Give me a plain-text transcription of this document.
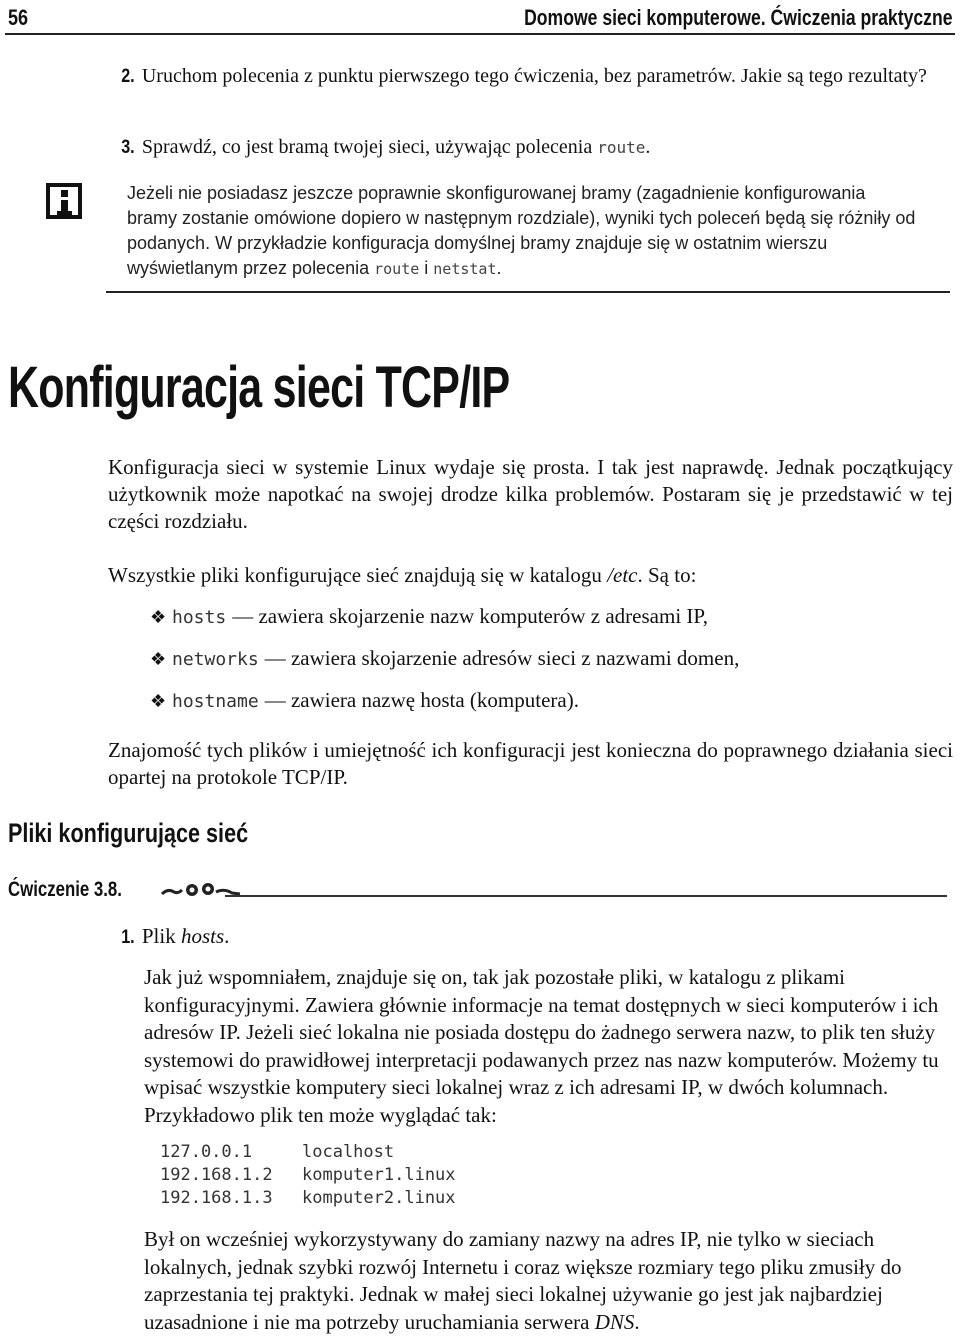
56	Domowe sieci komputerowe. Ćwiczenia praktyczne
2. Uruchom polecenia z punktu pierwszego tego ćwiczenia, bez parametrów. Jakie są tego rezultaty?
3. Sprawdź, co jest bramą twojej sieci, używając polecenia route.
Jeżeli nie posiadasz jeszcze poprawnie skonfigurowanej bramy (zagadnienie konfigurowania bramy zostanie omówione dopiero w następnym rozdziale), wyniki tych poleceń będą się różniły od podanych. W przykładzie konfiguracja domyślnej bramy znajduje się w ostatnim wierszu wyświetlanym przez polecenia route i netstat.
Konfiguracja sieci TCP/IP
Konfiguracja sieci w systemie Linux wydaje się prosta. I tak jest naprawdę. Jednak początkujący użytkownik może napotkać na swojej drodze kilka problemów. Postaram się je przedstawić w tej części rozdziału.
Wszystkie pliki konfigurujące sieć znajdują się w katalogu /etc. Są to:
❖ hosts — zawiera skojarzenie nazw komputerów z adresami IP,
❖ networks — zawiera skojarzenie adresów sieci z nazwami domen,
❖ hostname — zawiera nazwę hosta (komputera).
Znajomość tych plików i umiejętność ich konfiguracji jest konieczna do poprawnego działania sieci opartej na protokole TCP/IP.
Pliki konfigurujące sieć
Ćwiczenie 3.8.
1. Plik hosts.
Jak już wspomniałem, znajduje się on, tak jak pozostałe pliki, w katalogu z plikami konfiguracyjnymi. Zawiera głównie informacje na temat dostępnych w sieci komputerów i ich adresów IP. Jeżeli sieć lokalna nie posiada dostępu do żadnego serwera nazw, to plik ten służy systemowi do prawidłowej interpretacji podawanych przez nas nazw komputerów. Możemy tu wpisać wszystkie komputery sieci lokalnej wraz z ich adresami IP, w dwóch kolumnach. Przykładowo plik ten może wyglądać tak:
127.0.0.1	localhost
192.168.1.2	komputer1.linux
192.168.1.3	komputer2.linux
Był on wcześniej wykorzystywany do zamiany nazwy na adres IP, nie tylko w sieciach lokalnych, jednak szybki rozwój Internetu i coraz większe rozmiary tego pliku zmusiły do zaprzestania tej praktyki. Jednak w małej sieci lokalnej używanie go jest jak najbardziej uzasadnione i nie ma potrzeby uruchamiania serwera DNS.
